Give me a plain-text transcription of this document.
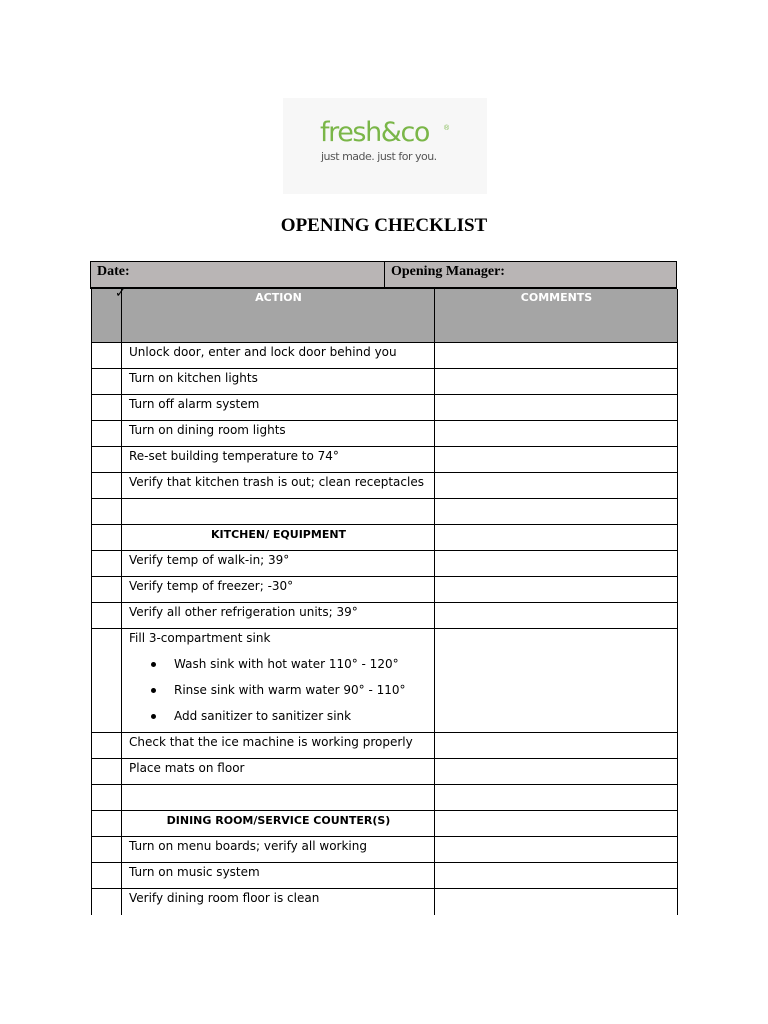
fresh&co ®
just made. just for you.
OPENING CHECKLIST
Date:	Opening Manager:
✓	ACTION	COMMENTS
Unlock door, enter and lock door behind you
Turn on kitchen lights
Turn off alarm system
Turn on dining room lights
Re-set building temperature to 74°
Verify that kitchen trash is out; clean receptacles
KITCHEN/ EQUIPMENT
Verify temp of walk-in; 39°
Verify temp of freezer; -30°
Verify all other refrigeration units; 39°
Fill 3-compartment sink
Wash sink with hot water 110° - 120°
Rinse sink with warm water 90° - 110°
Add sanitizer to sanitizer sink
Check that the ice machine is working properly
Place mats on floor
DINING ROOM/SERVICE COUNTER(S)
Turn on menu boards; verify all working
Turn on music system
Verify dining room floor is clean
